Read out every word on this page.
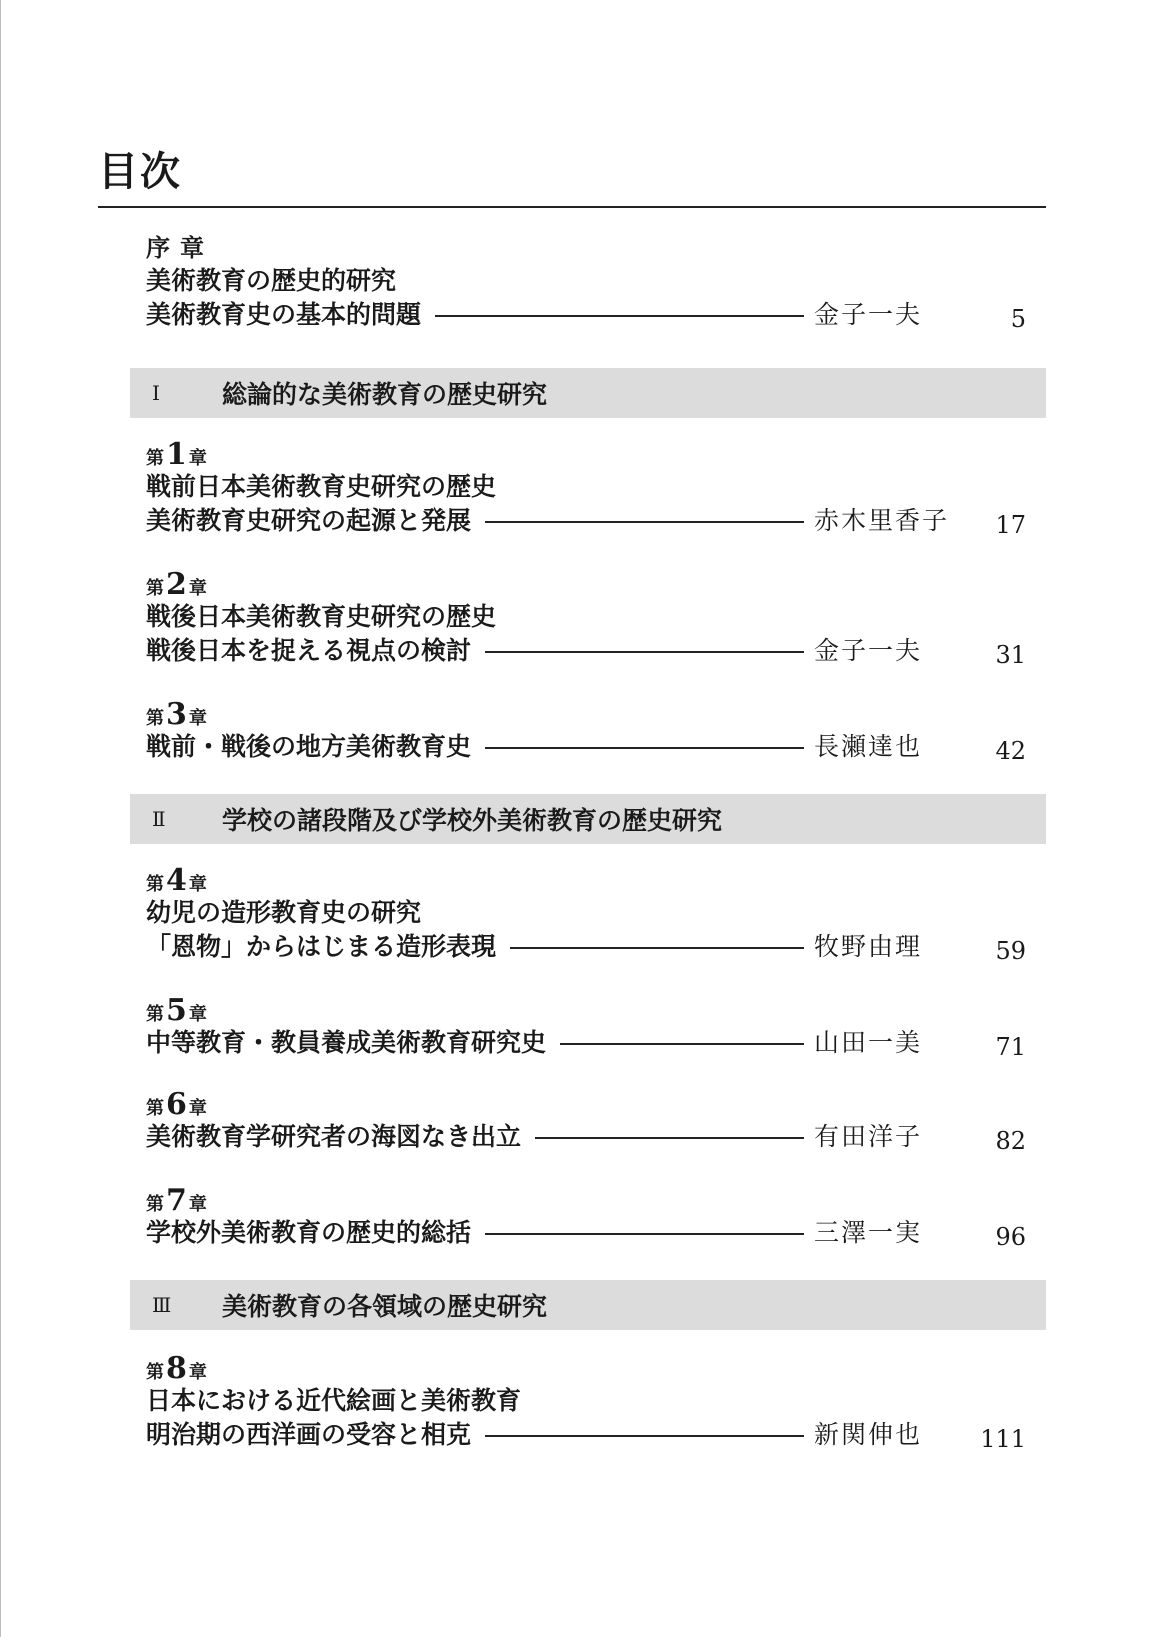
目次
序章
美術教育の歴史的研究
美術教育史の基本的問題	金子一夫	5
Ⅰ	総論的な美術教育の歴史研究
第1 章
戦前日本美術教育史研究の歴史
美術教育史研究の起源と発展	赤木里香子	17
第2 章
戦後日本美術教育史研究の歴史
戦後日本を捉える視点の検討	金子一夫	31
第3 章
戦前・戦後の地方美術教育史	長瀬達也	42
Ⅱ	学校の諸段階及び学校外美術教育の歴史研究
第4 章
幼児の造形教育史の研究
「恩物」からはじまる造形表現	牧野由理	59
第5 章
中等教育・教員養成美術教育研究史	山田一美	71
第6 章
美術教育学研究者の海図なき出立	有田洋子	82
第7 章
学校外美術教育の歴史的総括	三澤一実	96
Ⅲ	美術教育の各領域の歴史研究
第8 章
日本における近代絵画と美術教育
明治期の西洋画の受容と相克	新関伸也	111
